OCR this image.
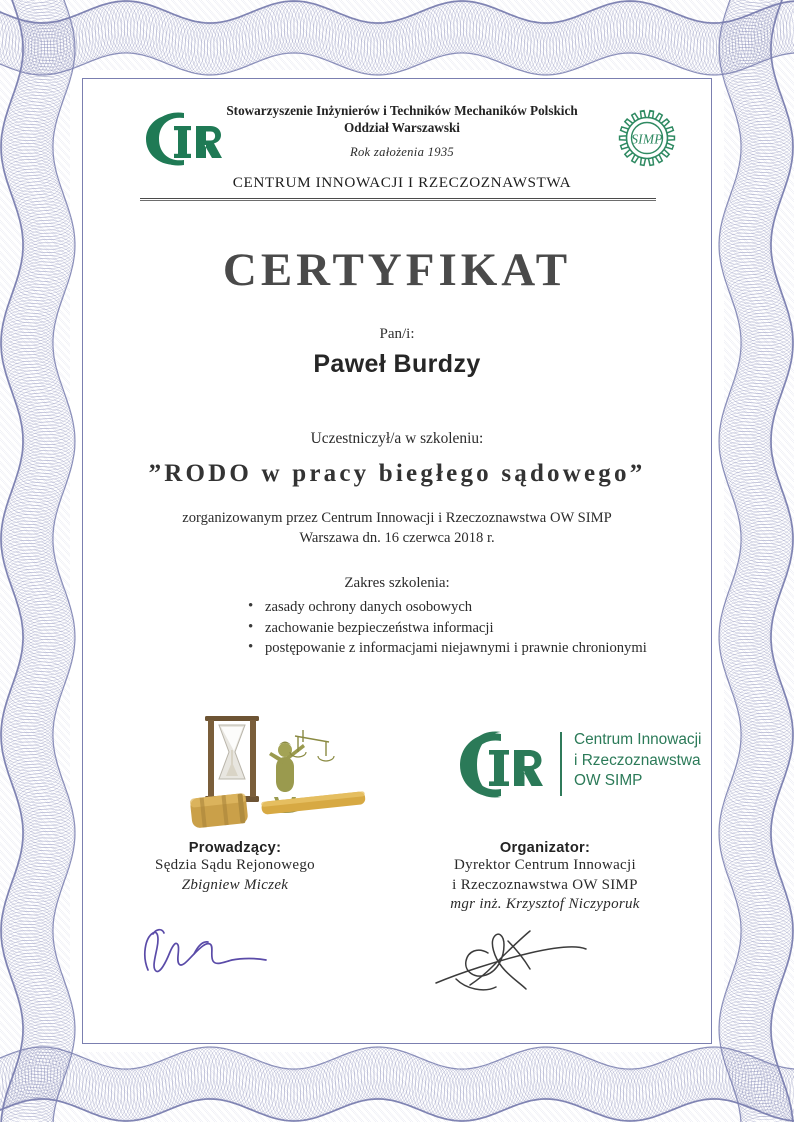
Stowarzyszenie Inżynierów i Techników Mechaników Polskich
Oddział Warszawski
Rok założenia 1935
SIMP
CENTRUM INNOWACJI I RZECZOZNAWSTWA
CERTYFIKAT
Pan/i:
Paweł Burdzy
Uczestniczył/a w szkoleniu:
”RODO w pracy biegłego sądowego”
zorganizowanym przez Centrum Innowacji i Rzeczoznawstwa OW SIMP
Warszawa dn. 16 czerwca 2018 r.
Zakres szkolenia:
• zasady ochrony danych osobowych
• zachowanie bezpieczeństwa informacji
• postępowanie z informacjami niejawnymi i prawnie chronionymi
Centrum Innowacji
i Rzeczoznawstwa
OW SIMP
Prowadzący:
Sędzia Sądu Rejonowego
Zbigniew Miczek
Organizator:
Dyrektor Centrum Innowacji
i Rzeczoznawstwa OW SIMP
mgr inż. Krzysztof Niczyporuk
